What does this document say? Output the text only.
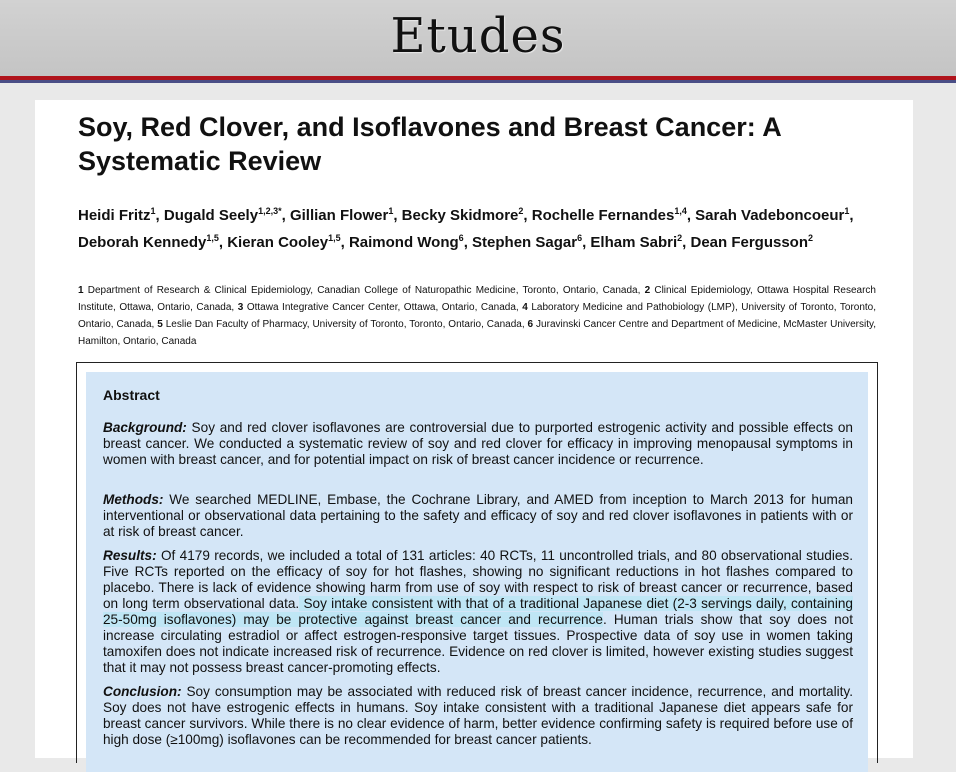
Etudes
Soy, Red Clover, and Isoflavones and Breast Cancer: A Systematic Review
Heidi Fritz$^1$, Dugald Seely$^{1,2,3*}$, Gillian Flower$^1$, Becky Skidmore$^2$, Rochelle Fernandes$^{1,4}$, Sarah Vadeboncoeur$^1$, Deborah Kennedy$^{1,5}$, Kieran Cooley$^{1,5}$, Raimond Wong$^6$, Stephen Sagar$^6$, Elham Sabri$^2$, Dean Fergusson$^2$
1 Department of Research & Clinical Epidemiology, Canadian College of Naturopathic Medicine, Toronto, Ontario, Canada, 2 Clinical Epidemiology, Ottawa Hospital Research Institute, Ottawa, Ontario, Canada, 3 Ottawa Integrative Cancer Center, Ottawa, Ontario, Canada, 4 Laboratory Medicine and Pathobiology (LMP), University of Toronto, Toronto, Ontario, Canada, 5 Leslie Dan Faculty of Pharmacy, University of Toronto, Toronto, Ontario, Canada, 6 Juravinski Cancer Centre and Department of Medicine, McMaster University, Hamilton, Ontario, Canada
Abstract
Background: Soy and red clover isoflavones are controversial due to purported estrogenic activity and possible effects on breast cancer. We conducted a systematic review of soy and red clover for efficacy in improving menopausal symptoms in women with breast cancer, and for potential impact on risk of breast cancer incidence or recurrence.
Methods: We searched MEDLINE, Embase, the Cochrane Library, and AMED from inception to March 2013 for human interventional or observational data pertaining to the safety and efficacy of soy and red clover isoflavones in patients with or at risk of breast cancer.
Results: Of 4179 records, we included a total of 131 articles: 40 RCTs, 11 uncontrolled trials, and 80 observational studies. Five RCTs reported on the efficacy of soy for hot flashes, showing no significant reductions in hot flashes compared to placebo. There is lack of evidence showing harm from use of soy with respect to risk of breast cancer or recurrence, based on long term observational data. Soy intake consistent with that of a traditional Japanese diet (2-3 servings daily, containing 25-50mg isoflavones) may be protective against breast cancer and recurrence. Human trials show that soy does not increase circulating estradiol or affect estrogen-responsive target tissues. Prospective data of soy use in women taking tamoxifen does not indicate increased risk of recurrence. Evidence on red clover is limited, however existing studies suggest that it may not possess breast cancer-promoting effects.
Conclusion: Soy consumption may be associated with reduced risk of breast cancer incidence, recurrence, and mortality. Soy does not have estrogenic effects in humans. Soy intake consistent with a traditional Japanese diet appears safe for breast cancer survivors. While there is no clear evidence of harm, better evidence confirming safety is required before use of high dose (≥100mg) isoflavones can be recommended for breast cancer patients.
